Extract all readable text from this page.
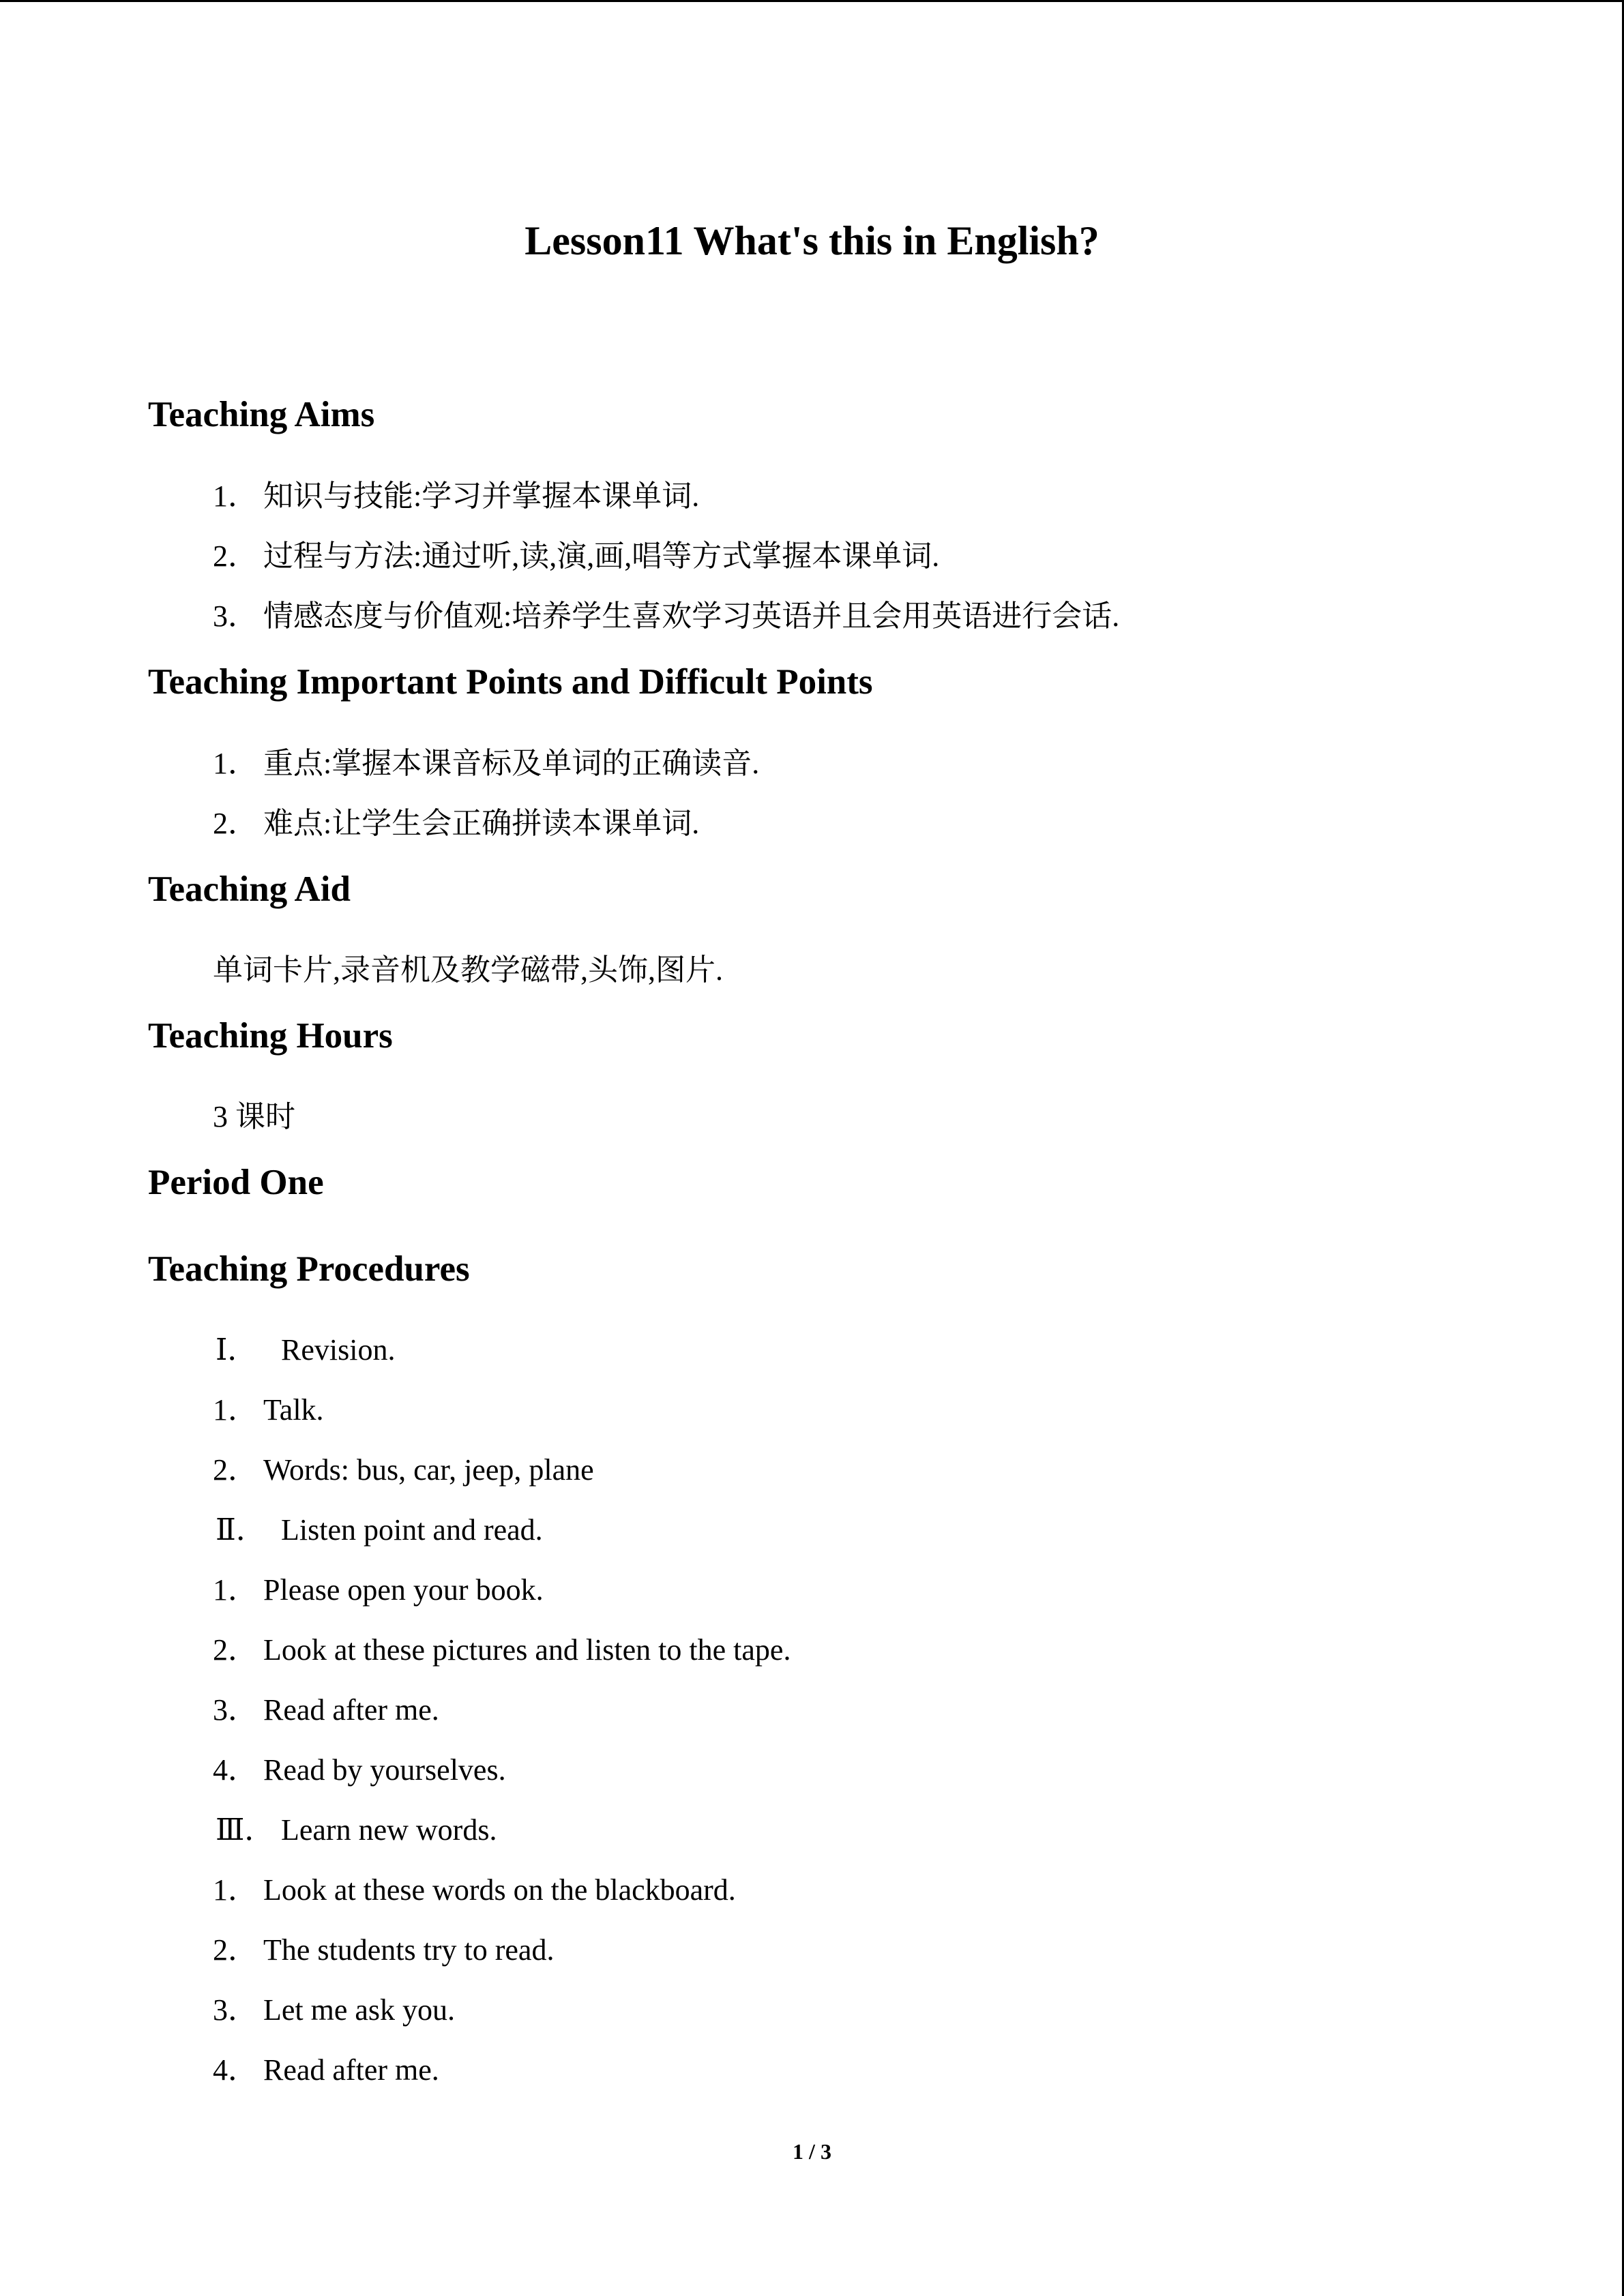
Lesson11 What's this in English?
Teaching Aims
1． 知识与技能:学习并掌握本课单词.
2． 过程与方法:通过听,读,演,画,唱等方式掌握本课单词.
3． 情感态度与价值观:培养学生喜欢学习英语并且会用英语进行会话.
Teaching Important Points and Difficult Points
1． 重点:掌握本课音标及单词的正确读音.
2． 难点:让学生会正确拼读本课单词.
Teaching Aid
单词卡片,录音机及教学磁带,头饰,图片.
Teaching Hours
3 课时
Period One
Teaching Procedures
Ⅰ． Revision.
1． Talk.
2． Words: bus, car, jeep, plane
Ⅱ． Listen point and read.
1． Please open your book.
2． Look at these pictures and listen to the tape.
3． Read after me.
4． Read by yourselves.
Ⅲ． Learn new words.
1． Look at these words on the blackboard.
2． The students try to read.
3． Let me ask you.
4． Read after me.
1 / 3
